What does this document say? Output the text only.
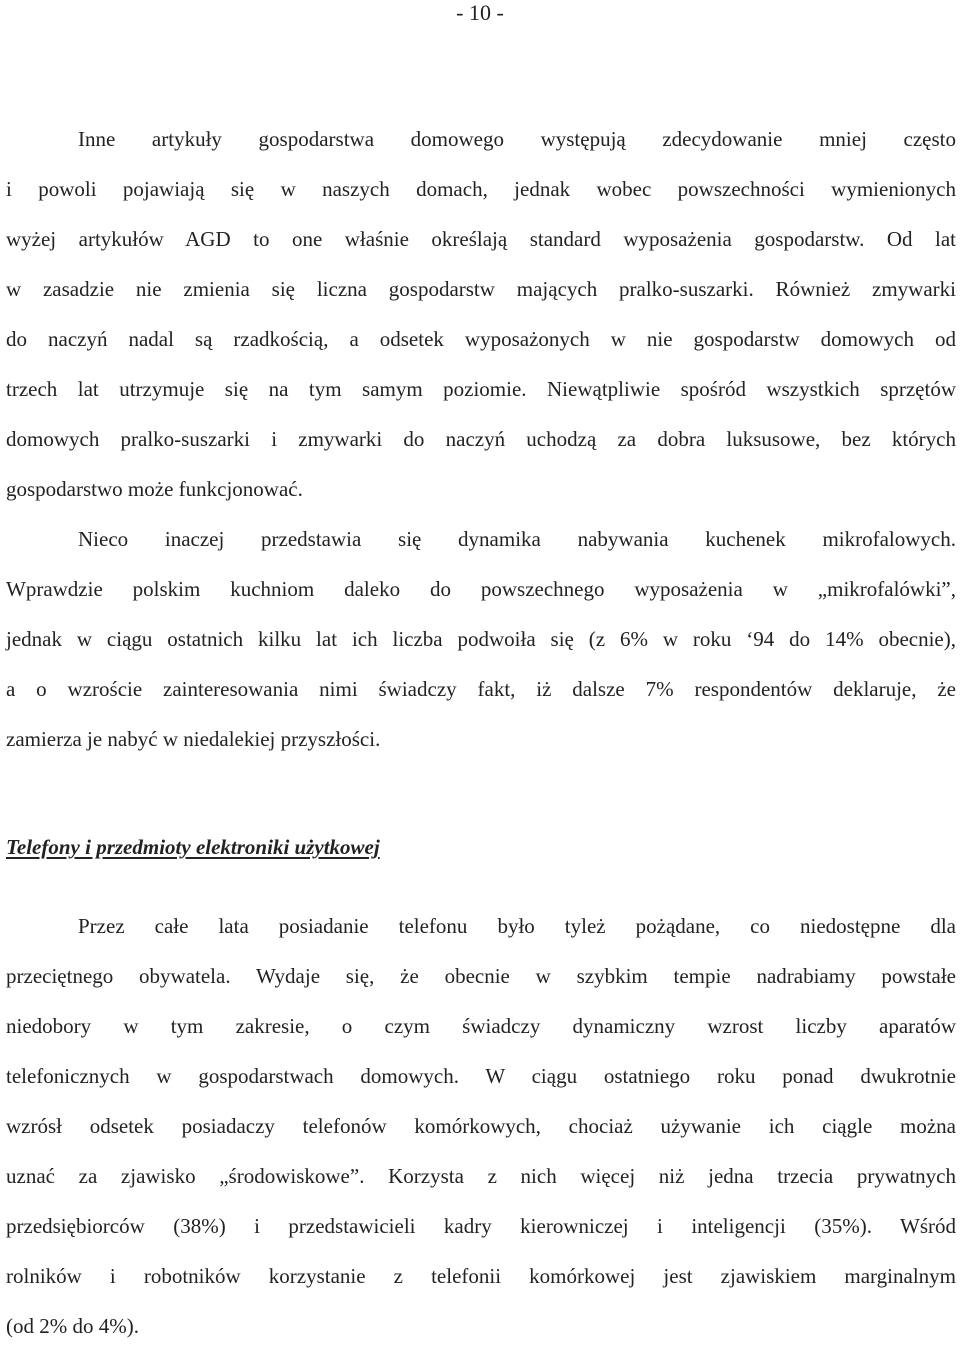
- 10 -
Inne artykuły gospodarstwa domowego występują zdecydowanie mniej często
i powoli pojawiają się w naszych domach, jednak wobec powszechności wymienionych
wyżej artykułów AGD to one właśnie określają standard wyposażenia gospodarstw. Od lat
w zasadzie nie zmienia się liczna gospodarstw mających pralko-suszarki. Również zmywarki
do naczyń nadal są rzadkością, a odsetek wyposażonych w nie gospodarstw domowych od
trzech lat utrzymuje się na tym samym poziomie. Niewątpliwie spośród wszystkich sprzętów
domowych pralko-suszarki i zmywarki do naczyń uchodzą za dobra luksusowe, bez których
gospodarstwo może funkcjonować.
Nieco inaczej przedstawia się dynamika nabywania kuchenek mikrofalowych.
Wprawdzie polskim kuchniom daleko do powszechnego wyposażenia w „mikrofalówki”,
jednak w ciągu ostatnich kilku lat ich liczba podwoiła się (z 6% w roku ‘94 do 14% obecnie),
a o wzroście zainteresowania nimi świadczy fakt, iż dalsze 7% respondentów deklaruje, że
zamierza je nabyć w niedalekiej przyszłości.
Telefony i przedmioty elektroniki użytkowej
Przez całe lata posiadanie telefonu było tyleż pożądane, co niedostępne dla
przeciętnego obywatela. Wydaje się, że obecnie w szybkim tempie nadrabiamy powstałe
niedobory w tym zakresie, o czym świadczy dynamiczny wzrost liczby aparatów
telefonicznych w gospodarstwach domowych. W ciągu ostatniego roku ponad dwukrotnie
wzrósł odsetek posiadaczy telefonów komórkowych, chociaż używanie ich ciągle można
uznać za zjawisko „środowiskowe”. Korzysta z nich więcej niż jedna trzecia prywatnych
przedsiębiorców (38%) i przedstawicieli kadry kierowniczej i inteligencji (35%). Wśród
rolników i robotników korzystanie z telefonii komórkowej jest zjawiskiem marginalnym
(od 2% do 4%).
